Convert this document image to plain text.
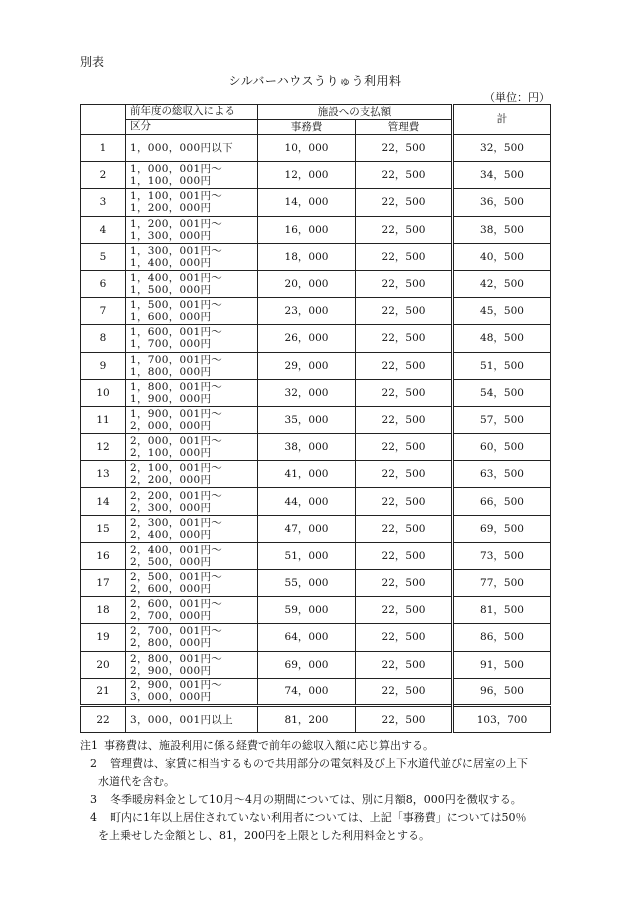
別表
シルバーハウスうりゅう利用料
（単位：円）
	前年度の総収入による	施設への支払額		計
	区分	事務費	管理費	
1	1，000，000円以下	10，000	22，500	32，500
2	1，000，001円～
1，100，000円	12，000	22，500	34，500
3	1，100，001円～
1，200，000円	14，000	22，500	36，500
4	1，200，001円～
1，300，000円	16，000	22，500	38，500
5	1，300，001円～
1，400，000円	18，000	22，500	40，500
6	1，400，001円～
1，500，000円	20，000	22，500	42，500
7	1，500，001円～
1，600，000円	23，000	22，500	45，500
8	1，600，001円～
1，700，000円	26，000	22，500	48，500
9	1，700，001円～
1，800，000円	29，000	22，500	51，500
10	1，800，001円～
1，900，000円	32，000	22，500	54，500
11	1，900，001円～
2，000，000円	35，000	22，500	57，500
12	2，000，001円～
2，100，000円	38，000	22，500	60，500
13	2，100，001円～
2，200，000円	41，000	22，500	63，500
14	2，200，001円～
2，300，000円	44，000	22，500	66，500
15	2，300，001円～
2，400，000円	47，000	22，500	69，500
16	2，400，001円～
2，500，000円	51，000	22，500	73，500
17	2，500，001円～
2，600，000円	55，000	22，500	77，500
18	2，600，001円～
2，700，000円	59，000	22，500	81，500
19	2，700，001円～
2，800，000円	64，000	22，500	86，500
20	2，800，001円～
2，900，000円	69，000	22，500	91，500
21	2，900，001円～
3，000，000円	74，000	22，500	96，500
22	3，000，001円以上	81，200	22，500	103，700
注1 事務費は、施設利用に係る経費で前年の総収入額に応じ算出する。
2 管理費は、家賃に相当するもので共用部分の電気料及び上下水道代並びに居室の上下
水道代を含む。
3 冬季暖房料金として10月～4月の期間については、別に月額8，000円を徴収する。
4 町内に1年以上居住されていない利用者については、上記「事務費」については50％
を上乗せした金額とし、81，200円を上限とした利用料金とする。
